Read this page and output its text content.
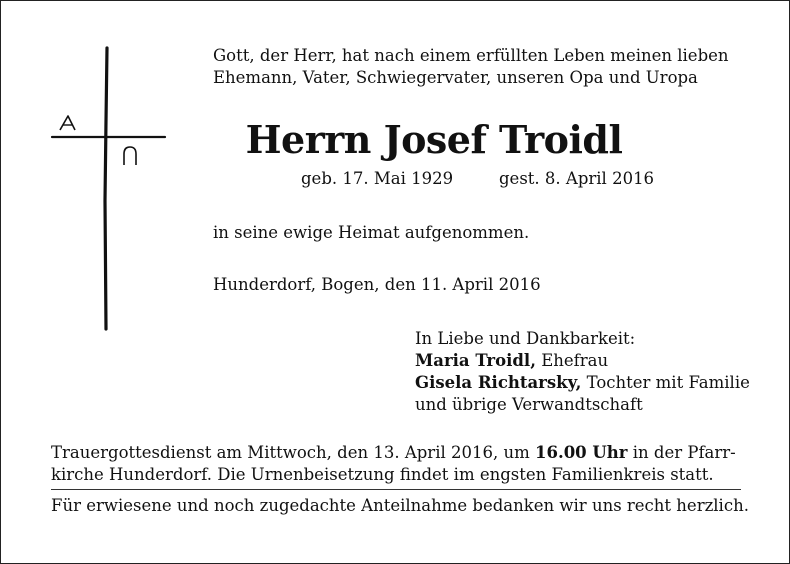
Gott, der Herr, hat nach einem erfüllten Leben meinen lieben
Ehemann, Vater, Schwiegervater, unseren Opa und Uropa
Herrn Josef Troidl
geb. 17. Mai 1929	gest. 8. April 2016
in seine ewige Heimat aufgenommen.
Hunderdorf, Bogen, den 11. April 2016
In Liebe und Dankbarkeit:
Maria Troidl, Ehefrau
Gisela Richtarsky, Tochter mit Familie
und übrige Verwandtschaft
Trauergottesdienst am Mittwoch, den 13. April 2016, um 16.00 Uhr in der Pfarr-
kirche Hunderdorf. Die Urnenbeisetzung findet im engsten Familienkreis statt.
Für erwiesene und noch zugedachte Anteilnahme bedanken wir uns recht herzlich.
